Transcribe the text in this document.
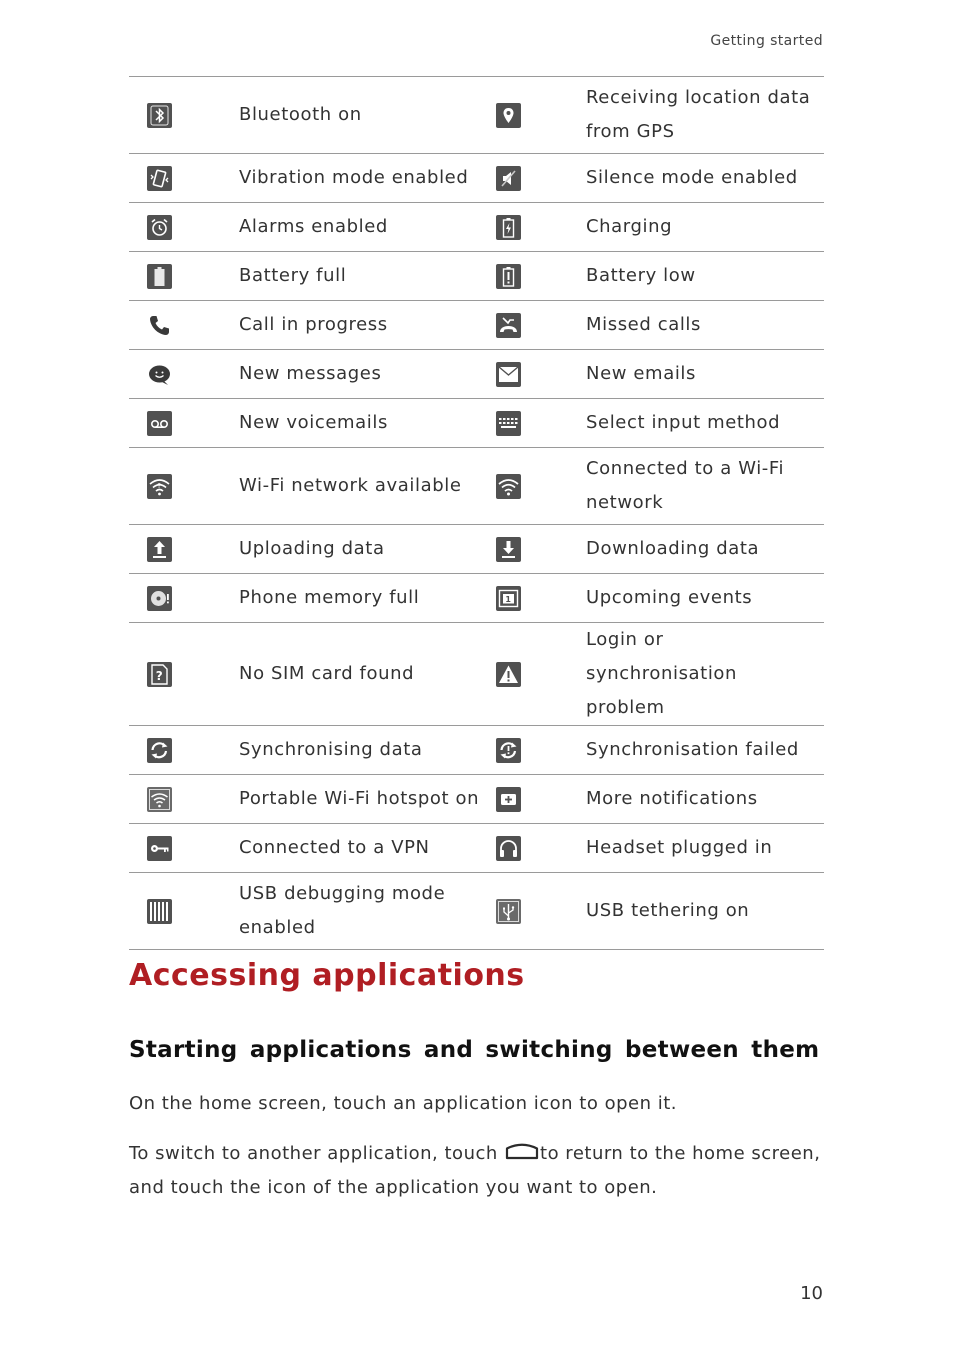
Getting started
	Bluetooth on		Receiving location data from GPS

	Vibration mode enabled		Silence mode enabled

	Alarms enabled		Charging

	Battery full		Battery low

	Call in progress		Missed calls

	New messages		New emails

	New voicemails		Select input method

?	Wi-Fi network available		Connected to a Wi-Fi network

	Uploading data		Downloading data

	Phone memory full	1	Upcoming events

?	No SIM card found		Login or synchronisation problem

	Synchronising data		Synchronisation failed

	Portable Wi-Fi hotspot on		More notifications

	Connected to a VPN		Headset plugged in

	USB debugging mode enabled		USB tethering on
Accessing applications
Starting applications and switching between them

On the home screen, touch an application icon to open it.

To switch to another application, touch to return to the home screen, and touch the icon of the application you want to open.

10
